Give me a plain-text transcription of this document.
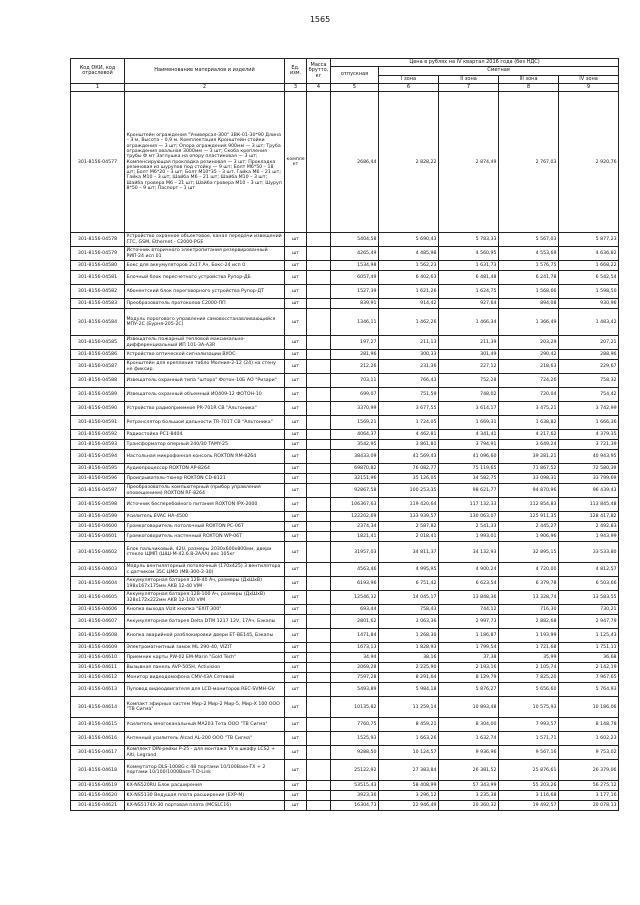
1565
Код ОКИ, код отраслевой	Наименование материалов и изделий	Ед. изм.	Масса брутто, кг	Цена в рублях на IV квартал 2016 года (без НДС)				
				отпускная	Сметная			
					I зона	II зона	III зона	IV зона
1	2	3	4	5	6	7	8	9
301-8156-04577	Кронштейн ограждения "Универсал-300" 3ВК-01-30*90 Длина – 3 м, Высота – 0,9 м. Комплектация Кронштейн стойки ограждения — 3 шт; Опора ограждения 900мм — 3 шт; Труба ограждения овальная 3000мм — 3 шт; Скоба крепления трубы Ф мт Заглушка на опору пластиковая — 3 шт; Компенсирующая прокладка резиновая — 3 шт; Прокладка резиновая из шурупов под стойку — 9 шт; Болт М6*50 – 18 шт; Болт М6*20 – 3 шт; Болт М10*35 – 3 шт, Гайка М6 – 21 шт; Гайка М10 – 3 шт; Шайба М6 – 21 шт; Шайба М10 – 3 шт; Шайба гровера М6 – 21 шт; Шайба гровера М10 – 3 шт; Шуруп 8*50 – 9 шт; Паспорт – 1 шт	компле кт		2686,44	2 828,22	2 874,49	2 767,03	2 920,76
301-8156-04578	Устройство охранное объектовое, канал передачи извещений ГТС, GSM, Ethernet - С2000-PGE	шт		5404,58	5 690,43	5 783,33	5 567,03	5 877,23
301-8156-04579	Источник вторичного электропитания резервированный РИП-24 исп 01	шт		4265,49	4 485,98	4 560,95	4 553,69	4 636,82
301-8156-04580	Бокс для аккумуляторов 2x17 Ач, Бокс-24 исп 0	шт		1534,98	1 562,23	1 631,73	1 576,75	1 668,22
301-8156-04581	Блочный блок пересчетного устройства Рупор-ДБ	шт		6057,49	6 402,63	6 481,48	6 241,78	6 542,54
301-8156-04582	Абонентский блок переговорного устройства Рупор-ДТ	шт		1527,39	1 621,26	1 624,75	1 568,66	1 598,50
301-8156-04583	Преобразователь протоколов С2000-ПП	шт		839,91	914,42	927,64	894,08	930,96
301-8156-04584	Модуль порогового управления самовосстанавливающийся МПУ-2С (Бурня-205-2С)	шт		1346,11	1 462,26	1 466,34	1 366,49	1 483,42
301-8156-04585	Извещатель пожарный тепловой максимально-дифференциальный ИП 101-3А-А3R	шт		197,27	211,13	211,39	203,29	207,21
301-8156-04586	Устройство оптической сигнализации ВУОС	шт		281,96	300,33	301,49	290,42	288,96
301-8156-04587	Кронштейн для крепления табло Молния-2-12 (24) на стену не фиксир.	шт		212,26	231,36	227,12	218,63	229,67
301-8156-04588	Извещатель охранный типа "штора" Фотон-10Б АО "Ризари"	шт		703,11	766,43	752,28	724,26	758,32
301-8156-04589	Извещатель охранный объемный ИО409-12 ФОТОН-10	шт		699,07	751,59	748,02	720,04	754,42
301-8156-04590	Устройство радиоприемное PR-701R СВ "Альтоника"	шт		3370,99	3 677,55	3 614,17	3 475,21	3 742,99
301-8156-04591	Ретранслятор большой дальности TR-701Т СВ "Альтоника"	шт		1569,21	1 724,05	1 669,31	1 638,82	1 666,36
301-8156-04592	Радиостойка PC1-8404	шт		4064,37	4 462,81	4 341,41	4 217,62	4 379,35
301-8156-04593	Трансформатор оперный 240/30 TAMY-25	шт		3542,95	3 861,81	3 794,91	3 649,24	3 721,39
301-8156-04594	Настольная микрофонная консоль ROXTON RM-8264	шт		38433,09	41 569,43	41 096,60	39 281,21	40 943,95
301-8156-04595	Аудиопроцессор ROXTON AP-8264	шт		69870,82	76 082,77	75 119,65	71 867,52	72 580,39
301-8156-04596	Проигрыватель-тюнер ROXTON CD-8121	шт		32151,96	35 126,05	34 582,75	33 098,31	33 799,69
301-8156-04597	Преобразователь компьютерный (прибор управления оповещением) ROXTON RF-8264	шт		92867,58	100 253,35	98 621,77	94 870,96	96 439,43
301-8156-04598	Источник бесперебойного питания ROXTON IPX-2000	шт		106367,63	119 420,64	117 132,33	112 854,83	113 845,48
301-8156-04599	Усилитель EVAC HA-4500	шт		122202,69	133 939,57	130 063,07	125 911,35	128 417,82
301-8156-04600	Громкоговоритель потолочный ROXTON PC-06T	шт		2374,34	2 587,82	2 541,33	2 445,27	2 492,83
301-8156-04601	Громкоговоритель настенный ROXTON WP-06T	шт		1821,41	2 018,41	1 993,01	1 906,96	1 943,99
301-8156-04602	Блок пальчиковый, 42U, размеры 2030х600х800мм, двери стекло ЩМП (ШШ-М-42.6.8-2ААА) вес 105кг	шт		31957,03	34 811,37	34 132,93	32 895,15	33 533,80
301-8156-04603	Модуль вентиляторный потолочный (170х425) 3 вентилятора с датчиком 35С ЦМО (МВ-300-2-30)	шт		4563,46	4 995,95	4 900,24	4 720,00	4 812,57
301-8156-04604	Аккумуляторная батарея 12В-40 Ач, размеры (ДхШхВ) 198х167х175мм AKB 12-40 VIM	шт		6193,96	6 751,42	6 623,54	6 379,78	6 503,66
301-8156-04605	Аккумуляторная батарея 12В-100 Ач, размеры (ДхШхВ) 328х172х222мм AKB 12-100 VIM	шт		12546,32	14 045,17	13 848,36	13 328,74	13 583,55
301-8156-04606	Кнопка выхода Vizit кнопка "EXIT 300"	шт		693,44	758,43	744,12	716,30	730,21
301-8156-04607	Аккумуляторная батарея Delta DTM 1217 12V, 17Ач, Бэкапы	шт		2801,62	3 063,36	2 997,73	2 882,68	2 947,79
301-8156-04608	Кнопка аварийной разблокировки двери ЕТ-ВЕ145, Бэкапы	шт		1471,84	1 268,30	1 186,87	1 193,99	1 125,43
301-8156-04609	Электромагнитный замок ML 290-40, VIZIT	шт		1673,13	1 828,93	1 799,54	1 721,68	1 751,11
301-8156-04610	Приемник карты PW-02 EM-Marin "Gold Tech"	шт		34,94	38,16	37,38	35,99	36,68
301-8156-04611	Вызывная панель AVP-505H, Activision	шт		2069,28	2 225,90	2 193,16	2 105,74	2 142,19
301-8156-04612	Монитор видеодомофона CMV-43A Сетевой	шт		7597,28	8 291,64	8 129,79	7 825,20	7 967,65
301-8156-04613	Пуповод видеодвигателя для LCD-мониторов REC-SVMH-GV	шт		5493,89	5 984,18	5 876,27	5 656,60	5 764,93
301-8156-04614	Компакт эфирных систем Мир-2 Мир-2 Мир-5, Мир-X 100 ООО "ТВ Сигма"	шт		10135,82	11 259,14	10 893,48	10 575,93	10 186,06
301-8156-04615	Усилитель многоканальный МА203 Тета ООО "ТВ Сигма"	шт		7760,75	8 459,21	8 304,00	7 993,57	8 148,78
301-8156-04616	Антенный усилитель Alcad AL-200 ООО "ТВ Сигма"	шт		1525,93	1 663,26	1 632,74	1 571,71	1 602,23
301-8156-04617	Комплект DIN-рейки Р-25 - для монтажа ТУ в шкафу LCS2 + Alti, Legrand	шт		9288,50	10 124,57	9 936,96	9 567,16	9 753,02
301-8156-04618	Коммутатор DLS-1008G с 48 портами 10/100Base-TX + 2 портами 10/100/1000Base-T D-Link	шт		25122,92	27 383,84	26 381,52	25 876,61	26 379,06
301-8156-04619	KX-NS520RU Блок расширения	шт		53515,43	58 408,99	57 343,99	55 203,26	56 275,12
301-8156-04620	KX-NS5130 Ведущая плата расширения (EXP-M)	шт		3923,36	3 296,12	3 235,38	3 116,68	3 177,16
301-8156-04621	KX-NS5174X-30 портовая плата (MCSLC16)	шт		16304,73	22 946,49	20 360,32	19 492,57	20 078,13
